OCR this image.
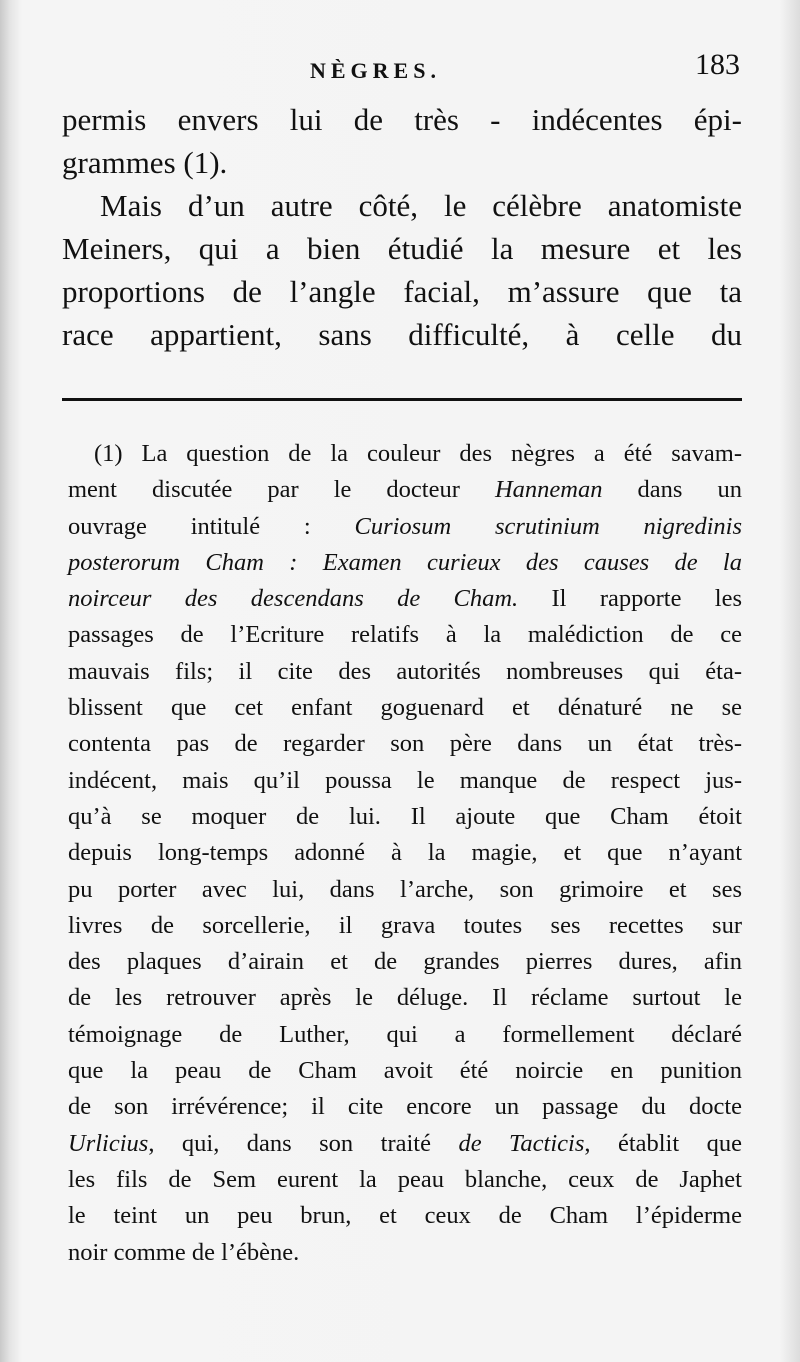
NÈGRES.	183
permis envers lui de très - indécentes épi-
grammes (1).
Mais d’un autre côté, le célèbre anatomiste
Meiners, qui a bien étudié la mesure et les
proportions de l’angle facial, m’assure que ta
race appartient, sans difficulté, à celle du
(1) La question de la couleur des nègres a été savam-
ment discutée par le docteur Hanneman dans un
ouvrage intitulé : Curiosum scrutinium nigredinis
posterorum Cham : Examen curieux des causes de la
noirceur des descendans de Cham. Il rapporte les
passages de l’Ecriture relatifs à la malédiction de ce
mauvais fils; il cite des autorités nombreuses qui éta-
blissent que cet enfant goguenard et dénaturé ne se
contenta pas de regarder son père dans un état très-
indécent, mais qu’il poussa le manque de respect jus-
qu’à se moquer de lui. Il ajoute que Cham étoit
depuis long-temps adonné à la magie, et que n’ayant
pu porter avec lui, dans l’arche, son grimoire et ses
livres de sorcellerie, il grava toutes ses recettes sur
des plaques d’airain et de grandes pierres dures, afin
de les retrouver après le déluge. Il réclame surtout le
témoignage de Luther, qui a formellement déclaré
que la peau de Cham avoit été noircie en punition
de son irrévérence; il cite encore un passage du docte
Urlicius, qui, dans son traité de Tacticis, établit que
les fils de Sem eurent la peau blanche, ceux de Japhet
le teint un peu brun, et ceux de Cham l’épiderme
noir comme de l’ébène.
